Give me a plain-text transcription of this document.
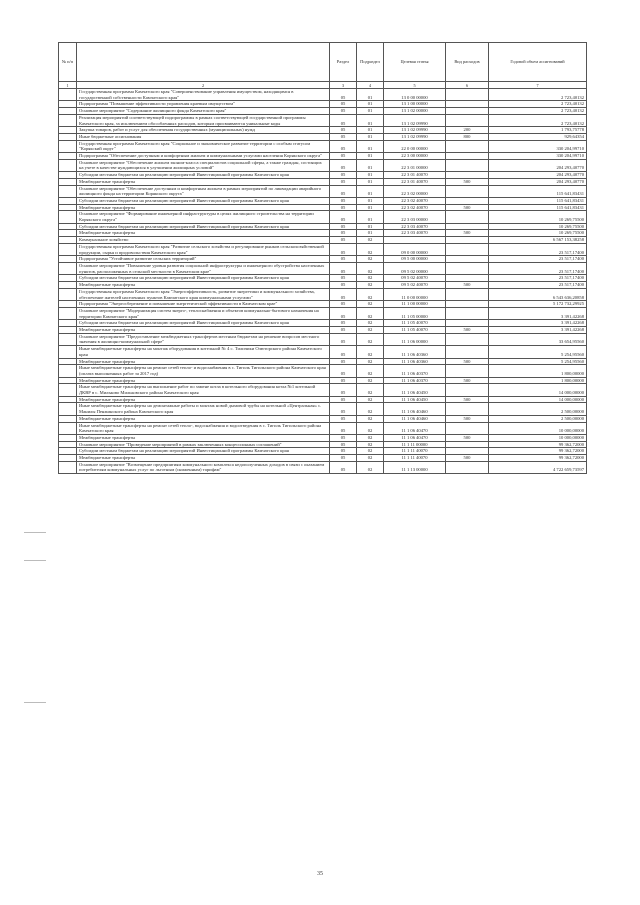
№ п/п		Раздел	Подраздел	Целевая статья	Вид расходов	Годовой объем ассигнований
1	2	3	4	5	6	7
	Государственная программа Камчатского края "Совершенствование управления имуществом, находящимся в государственной собственности Камчатского края"	05	01	13 0 00 00000		2 723,40132
	Подпрограмма "Повышение эффективности управления краевым имуществом"	05	01	13 1 00 00000		2 723,40132
	Основное мероприятие "Содержание жилищного фонда Камчатского края"	05	01	13 1 02 00000		2 723,40132
	Реализация мероприятий соответствующей подпрограммы в рамках соответствующей государственной программы Камчатского края, за исключением обособленных расходов, которым присваиваются уникальные коды	05	01	13 1 02 09990		2 723,40132
	Закупка товаров, работ и услуг для обеспечения государственных (муниципальных) нужд	05	01	13 1 02 09990	200	1 793,75778
	Иные бюджетные ассигнования	05	01	13 1 02 09990	800	929,64354
	Государственная программа Камчатского края "Социальное и экономическое развитие территории с особым статусом "Корякский округ"	05	01	22 0 00 00000		330 204,99710
	Подпрограмма "Обеспечение доступным и комфортным жильем и коммунальными услугами населения Корякского округа"	05	01	22 3 00 00000		330 204,99710
	Основное мероприятие "Обеспечение жильем эконом-класса специалистов социальной сферы, а также граждан, состоящих на учете в качестве нуждающихся в улучшении жилищных условий"	05	01	22 3 01 00000		204 293,40770
	Субсидии местным бюджетам на реализацию мероприятий Инвестиционной программы Камчатского края	05	01	22 3 01 40070		204 293,40770
	Межбюджетные трансферты	05	01	22 3 01 40070	500	204 293,40770
	Основное мероприятие "Обеспечение доступным и комфортным жильем в рамках мероприятий по ликвидации аварийного жилищного фонда на территории Корякского округа"	05	01	22 3 02 00000		115 641,83431
	Субсидии местным бюджетам на реализацию мероприятий Инвестиционной программы Камчатского края	05	01	22 3 02 40070		115 641,83431
	Межбюджетные трансферты	05	01	22 3 02 40070	500	115 641,83431
	Основное мероприятие "Формирование инженерной инфраструктуры в целях жилищного строительства на территории Корякского округа"	05	01	22 3 03 00000		10 269,75500
	Субсидии местным бюджетам на реализацию мероприятий Инвестиционной программы Камчатского края	05	01	22 3 03 40070		10 269,75500
	Межбюджетные трансферты	05	01	22 3 03 40070	500	10 269,75500
	Коммунальное хозяйство	05	02			6 567 153,38258
	Государственная программа Камчатского края "Развитие сельского хозяйства и регулирование рынков сельскохозяйственной продукции, сырья и продовольствия Камчатского края"	05	02	09 0 00 00000		23 517,17400
	Подпрограмма "Устойчивое развитие сельских территорий"	05	02	09 5 00 00000		23 517,17400
	Основное мероприятие "Повышение уровня развития социальной инфраструктуры и инженерного обустройства населенных пунктов, расположенных в сельской местности в Камчатском крае"	05	02	09 5 02 00000		23 517,17400
	Субсидии местным бюджетам на реализацию мероприятий Инвестиционной программы Камчатского края	05	02	09 5 02 40070		23 517,17400
	Межбюджетные трансферты	05	02	09 5 02 40070	500	23 517,17400
	Государственная программа Камчатского края "Энергоэффективность, развитие энергетики и коммунального хозяйства, обеспечение жителей населенных пунктов Камчатского края коммунальными услугами"	05	02	11 0 00 00000		6 543 636,20858
	Подпрограмма "Энергосбережение и повышение энергетической эффективности в Камчатском крае"	05	02	11 1 00 00000		5 172 732,29925
	Основное мероприятие "Модернизация систем энерго-, теплоснабжения и объектов коммунально-бытового назначения на территории Камчатского края"	05	02	11 1 05 00000		3 391,42268
	Субсидии местным бюджетам на реализацию мероприятий Инвестиционной программы Камчатского края	05	02	11 1 05 40070		3 391,42268
	Межбюджетные трансферты	05	02	11 1 05 40070	500	3 391,42268
	Основное мероприятие "Предоставление межбюджетных трансфертов местным бюджетам на решение вопросов местного значения в жилищно-коммунальной сфере"	05	02	11 1 06 00000		33 654,95560
	Иные межбюджетные трансферты на монтаж оборудования в котельной № 4 с. Тиличики Олюторского района Камчатского края	05	02	11 1 06 40360		5 254,95560
	Межбюджетные трансферты	05	02	11 1 06 40360	500	5 254,95560
	Иные межбюджетные трансферты на ремонт сетей тепло- и водоснабжения в с. Тигиль Тигильского района Камчатского края (оплата выполненных работ за 2017 год)	05	02	11 1 06 40370		1 800,00000
	Межбюджетные трансферты	05	02	11 1 06 40370	500	1 800,00000
	Иные межбюджетные трансферты на выполнение работ по замене котла в котельного оборудования котла №1 котельной ДКВР в с. Мильково Мильковского района Камчатского края	05	02	11 1 06 40450		14 000,00000
	Межбюджетные трансферты	05	02	11 1 06 40450	500	14 000,00000
	Иные межбюджетные трансферты на демонтажные работы и монтаж новой дымовой трубы на котельной «Центральная» с. Манилы Пенжинского района Камчатского края	05	02	11 1 06 40460		2 500,00000
	Межбюджетные трансферты	05	02	11 1 06 40460	500	2 500,00000
	Иные межбюджетные трансферты на ремонт сетей тепло-, водоснабжения и водоотведения в с. Тигиль Тигильского района Камчатского края	05	02	11 1 06 40470		10 000,00000
	Межбюджетные трансферты	05	02	11 1 06 40470	500	10 000,00000
	Основное мероприятие "Проведение мероприятий в рамках заключенных концессионных соглашений"	05	02	11 1 11 00000		99 362,72000
	Субсидии местным бюджетам на реализацию мероприятий Инвестиционной программы Камчатского края	05	02	11 1 11 40070		99 362,72000
	Межбюджетные трансферты	05	02	11 1 11 40070	500	99 362,72000
	Основное мероприятие "Возмещение предприятиям коммунального комплекса недополученных доходов в связи с оказанием потребителям коммунальных услуг по льготным (сниженным) тарифам"	05	02	11 1 13 00000		4 722 659,73597
35
